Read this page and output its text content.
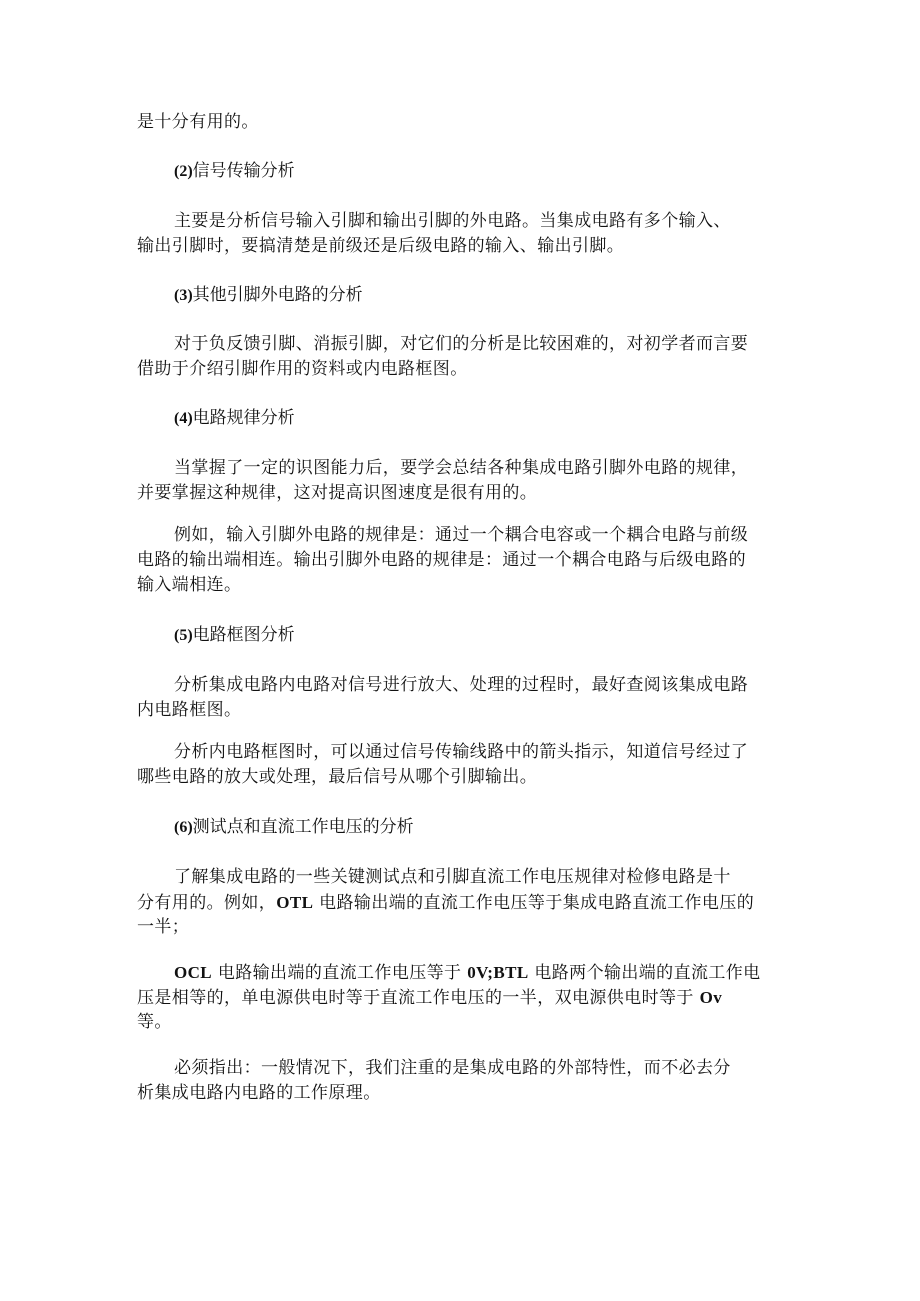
是十分有用的。

(2)信号传输分析

主要是分析信号输入引脚和输出引脚的外电路。当集成电路有多个输入、
输出引脚时，要搞清楚是前级还是后级电路的输入、输出引脚。

(3)其他引脚外电路的分析

对于负反馈引脚、消振引脚，对它们的分析是比较困难的，对初学者而言要
借助于介绍引脚作用的资料或内电路框图。

(4)电路规律分析

当掌握了一定的识图能力后，要学会总结各种集成电路引脚外电路的规律，
并要掌握这种规律，这对提高识图速度是很有用的。

例如，输入引脚外电路的规律是：通过一个耦合电容或一个耦合电路与前级
电路的输出端相连。输出引脚外电路的规律是：通过一个耦合电路与后级电路的
输入端相连。

(5)电路框图分析

分析集成电路内电路对信号进行放大、处理的过程时，最好查阅该集成电路
内电路框图。

分析内电路框图时，可以通过信号传输线路中的箭头指示，知道信号经过了
哪些电路的放大或处理，最后信号从哪个引脚输出。

(6)测试点和直流工作电压的分析

了解集成电路的一些关键测试点和引脚直流工作电压规律对检修电路是十
分有用的。例如，OTL 电路输出端的直流工作电压等于集成电路直流工作电压的
一半；

OCL 电路输出端的直流工作电压等于 0V;BTL 电路两个输出端的直流工作电
压是相等的，单电源供电时等于直流工作电压的一半，双电源供电时等于 Ov
等。

必须指出：一般情况下，我们注重的是集成电路的外部特性，而不必去分
析集成电路内电路的工作原理。
